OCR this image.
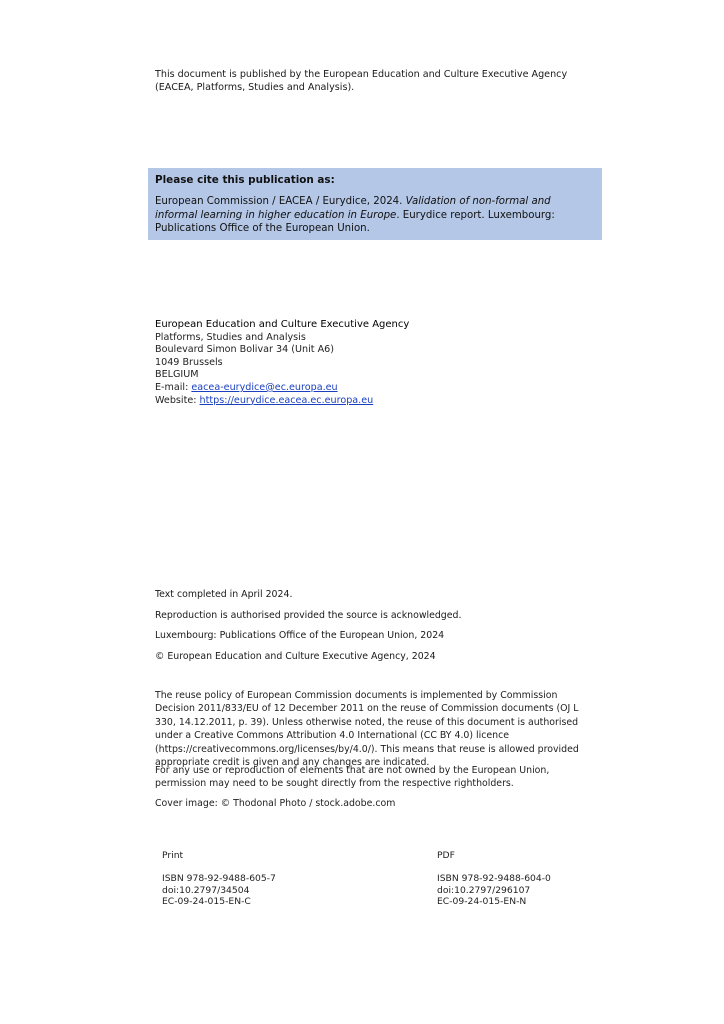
This document is published by the European Education and Culture Executive Agency
(EACEA, Platforms, Studies and Analysis).
Please cite this publication as:
European Commission / EACEA / Eurydice, 2024. Validation of non-formal and informal learning in higher education in Europe. Eurydice report. Luxembourg: Publications Office of the European Union.
European Education and Culture Executive Agency
Platforms, Studies and Analysis
Boulevard Simon Bolivar 34 (Unit A6)
1049 Brussels
BELGIUM
E-mail: eacea-eurydice@ec.europa.eu
Website: https://eurydice.eacea.ec.europa.eu
Text completed in April 2024.
Reproduction is authorised provided the source is acknowledged.
Luxembourg: Publications Office of the European Union, 2024
© European Education and Culture Executive Agency, 2024
The reuse policy of European Commission documents is implemented by Commission Decision 2011/833/EU of 12 December 2011 on the reuse of Commission documents (OJ L 330, 14.12.2011, p. 39). Unless otherwise noted, the reuse of this document is authorised under a Creative Commons Attribution 4.0 International (CC BY 4.0) licence (https://creativecommons.org/licenses/by/4.0/). This means that reuse is allowed provided appropriate credit is given and any changes are indicated.
For any use or reproduction of elements that are not owned by the European Union, permission may need to be sought directly from the respective rightholders.
Cover image: © Thodonal Photo / stock.adobe.com
Print
ISBN 978-92-9488-605-7
doi:10.2797/34504
EC-09-24-015-EN-C
PDF
ISBN 978-92-9488-604-0
doi:10.2797/296107
EC-09-24-015-EN-N
